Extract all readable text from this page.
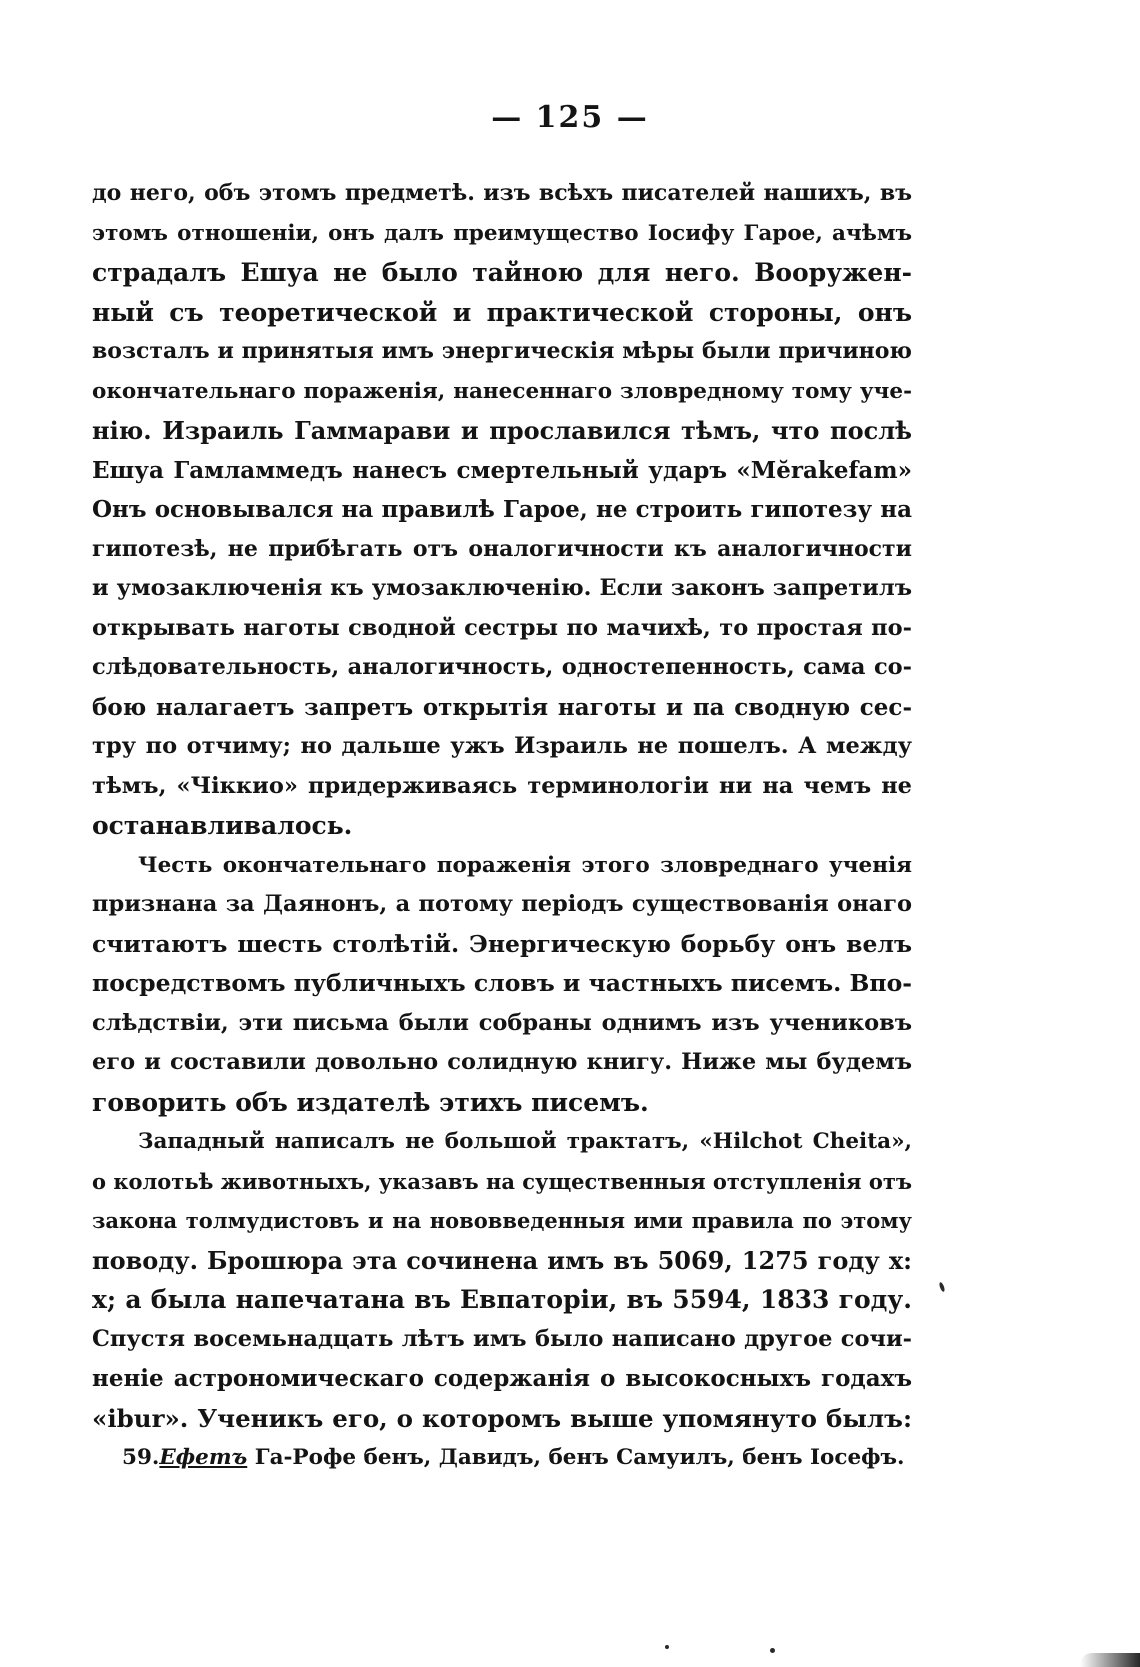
— 125 —
до него, объ этомъ предметѣ. изъ всѣхъ писателей нашихъ, въ
этомъ отношеніи, онъ далъ преимущество Іосифу Гарое, ачѣмъ
страдалъ Ешуа не было тайною для него. Вооружен-
ный съ теоретической и практической стороны, онъ
возсталъ и принятыя имъ энергическія мѣры были причиною
окончательнаго пораженія, нанесеннаго зловредному тому уче-
нію. Израиль Гаммарави и прославился тѣмъ, что послѣ
Ешуа Гамламмедъ нанесъ смертельный ударъ «Mĕrakefam»
Онъ основывался на правилѣ Гарое, не строить гипотезу на
гипотезѣ, не прибѣгать отъ оналогичности къ аналогичности
и умозаключенія къ умозаключенію. Если законъ запретилъ
открывать наготы сводной сестры по мачихѣ, то простая по-
слѣдовательность, аналогичность, одностепенность, сама со-
бою налагаетъ запретъ открытія наготы и па сводную сес-
тру по отчиму; но дальше ужъ Израиль не пошелъ. А между
тѣмъ, «Чіккио» придерживаясь терминологіи ни на чемъ не
останавливалось.
Честь окончательнаго пораженія этого зловреднаго ученія
признана за Даянонъ, а потому періодъ существованія онаго
считаютъ шесть столѣтій. Энергическую борьбу онъ велъ
посредствомъ публичныхъ словъ и частныхъ писемъ. Впо-
слѣдствіи, эти письма были собраны однимъ изъ учениковъ
его и составили довольно солидную книгу. Ниже мы будемъ
говорить объ издателѣ этихъ писемъ.
Западный написалъ не большой трактатъ, «Hilchot Cheita»,
о колотьѣ животныхъ, указавъ на существенныя отступленія отъ
закона толмудистовъ и на нововведенныя ими правила по этому
поводу. Брошюра эта сочинена имъ въ 5069, 1275 году х:
х; а была напечатана въ Евпаторіи, въ 5594, 1833 году.
Спустя восемьнадцать лѣтъ имъ было написано другое сочи-
неніе астрономическаго содержанія о высокосныхъ годахъ
«ibur». Ученикъ его, о которомъ выше упомянуто былъ:
59.Ефетъ Га-Рофе бенъ, Давидъ, бенъ Самуилъ, бенъ Іосефъ.
